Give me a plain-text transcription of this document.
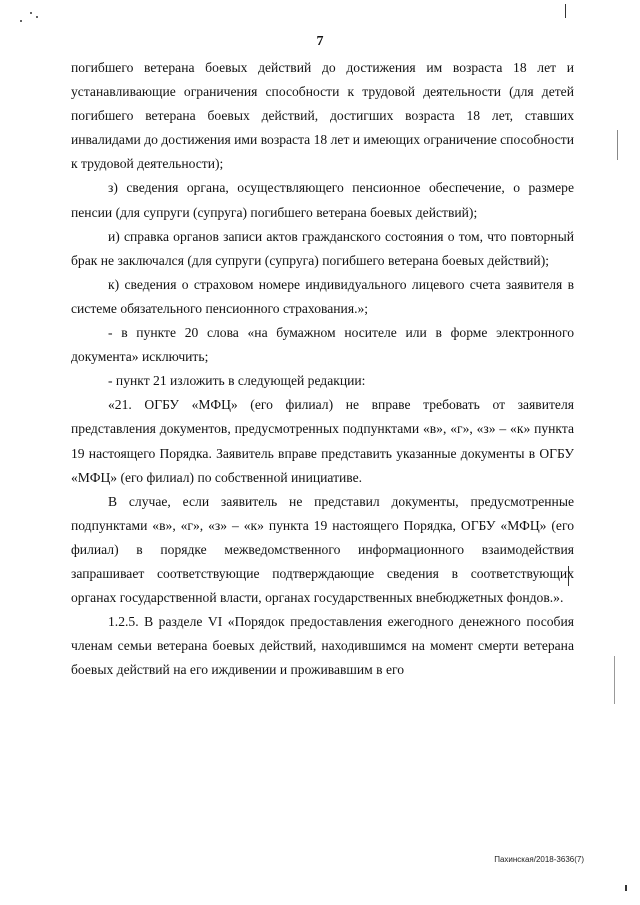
7

погибшего ветерана боевых действий до достижения им возраста 18 лет и устанавливающие ограничения способности к трудовой деятельности (для детей погибшего ветерана боевых действий, достигших возраста 18 лет, ставших инвалидами до достижения ими возраста 18 лет и имеющих ограничение способности к трудовой деятельности);

з) сведения органа, осуществляющего пенсионное обеспечение, о размере пенсии (для супруги (супруга) погибшего ветерана боевых действий);

и) справка органов записи актов гражданского состояния о том, что повторный брак не заключался (для супруги (супруга) погибшего ветерана боевых действий);

к) сведения о страховом номере индивидуального лицевого счета заявителя в системе обязательного пенсионного страхования.»;

- в пункте 20 слова «на бумажном носителе или в форме электронного документа» исключить;

- пункт 21 изложить в следующей редакции:

«21. ОГБУ «МФЦ» (его филиал) не вправе требовать от заявителя представления документов, предусмотренных подпунктами «в», «г», «з» – «к» пункта 19 настоящего Порядка. Заявитель вправе представить указанные документы в ОГБУ «МФЦ» (его филиал) по собственной инициативе.

В случае, если заявитель не представил документы, предусмотренные подпунктами «в», «г», «з» – «к» пункта 19 настоящего Порядка, ОГБУ «МФЦ» (его филиал) в порядке межведомственного информационного взаимодействия запрашивает соответствующие подтверждающие сведения в соответствующих органах государственной власти, органах государственных внебюджетных фондов.».

1.2.5. В разделе VI «Порядок предоставления ежегодного денежного пособия членам семьи ветерана боевых действий, находившимся на момент смерти ветерана боевых действий на его иждивении и проживавшим в его

Пахинская/2018-3636(7)
